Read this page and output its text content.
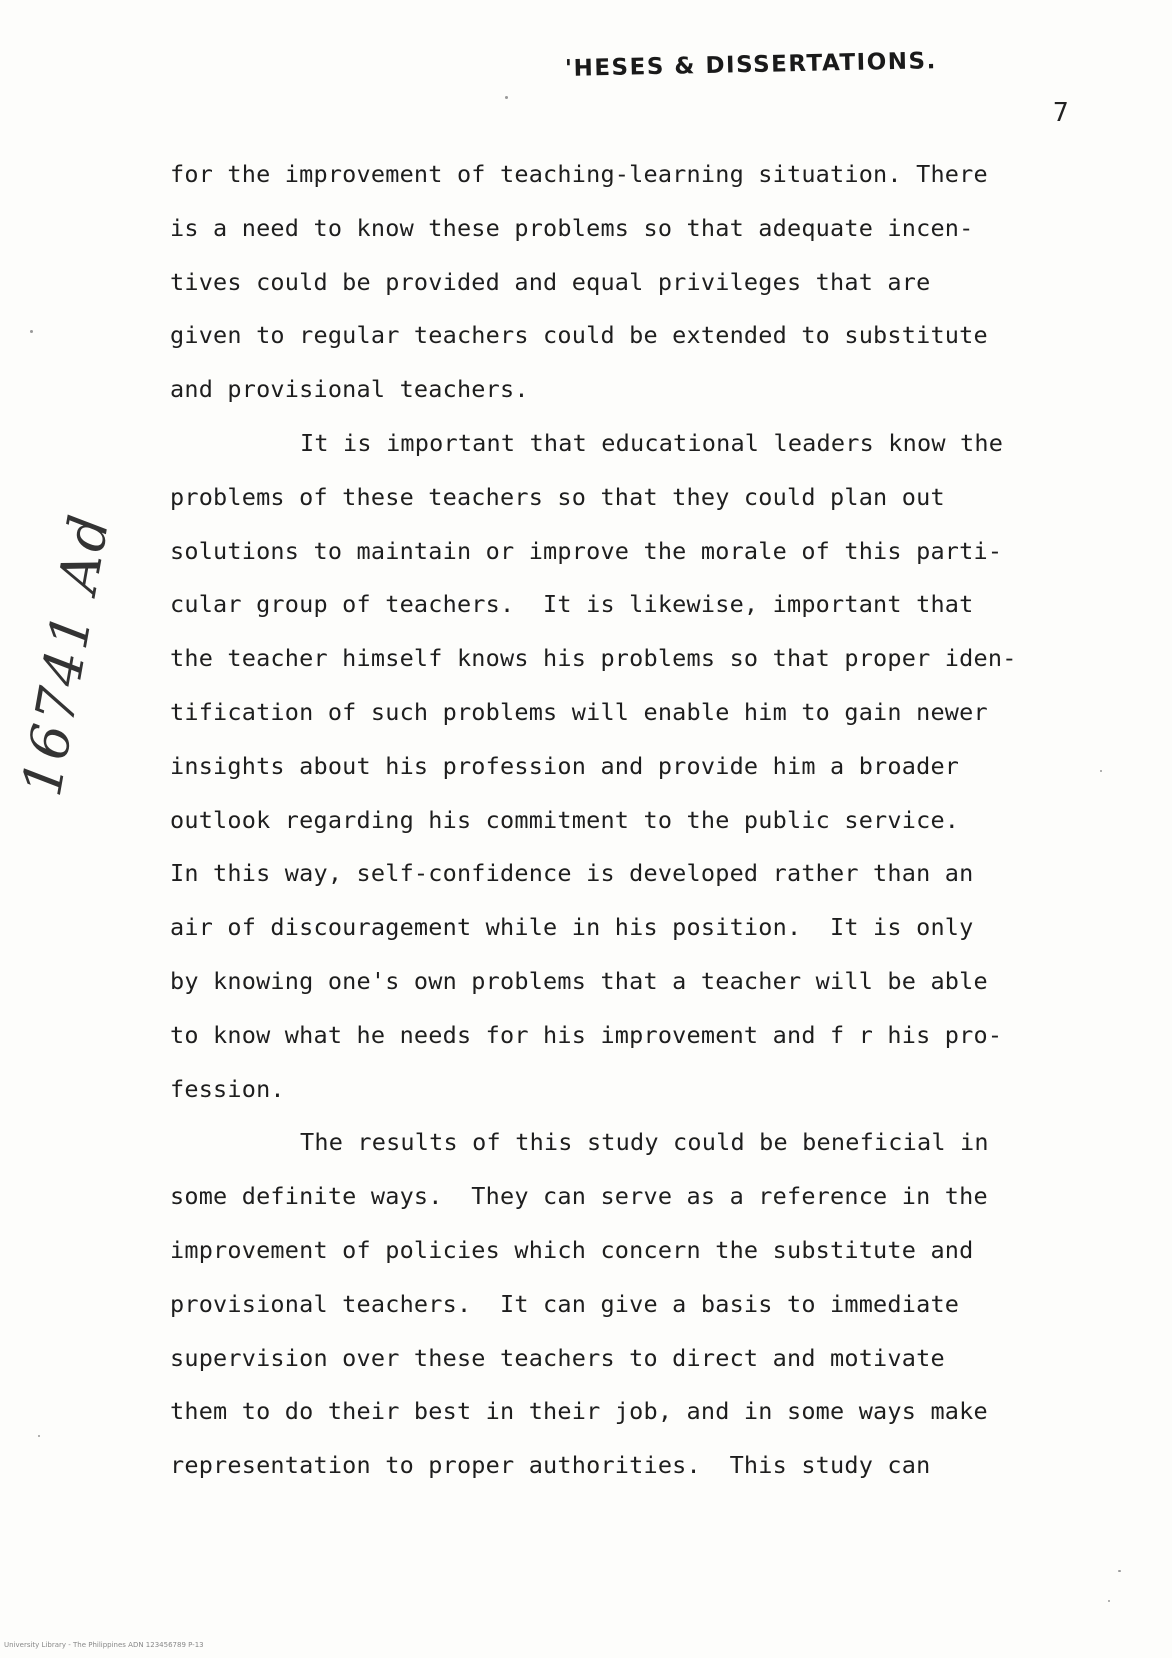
'HESES & DISSERTATIONS.
7
16741 Ad
for the improvement of teaching-learning situation. There
is a need to know these problems so that adequate incen-
tives could be provided and equal privileges that are
given to regular teachers could be extended to substitute
and provisional teachers.
It is important that educational leaders know the
problems of these teachers so that they could plan out
solutions to maintain or improve the morale of this parti-
cular group of teachers.  It is likewise, important that
the teacher himself knows his problems so that proper iden-
tification of such problems will enable him to gain newer
insights about his profession and provide him a broader
outlook regarding his commitment to the public service.
In this way, self-confidence is developed rather than an
air of discouragement while in his position.  It is only
by knowing one's own problems that a teacher will be able
to know what he needs for his improvement and f r his pro-
fession.
The results of this study could be beneficial in
some definite ways.  They can serve as a reference in the
improvement of policies which concern the substitute and
provisional teachers.  It can give a basis to immediate
supervision over these teachers to direct and motivate
them to do their best in their job, and in some ways make
representation to proper authorities.  This study can
University Library - The Philippines ADN 123456789 P-13
